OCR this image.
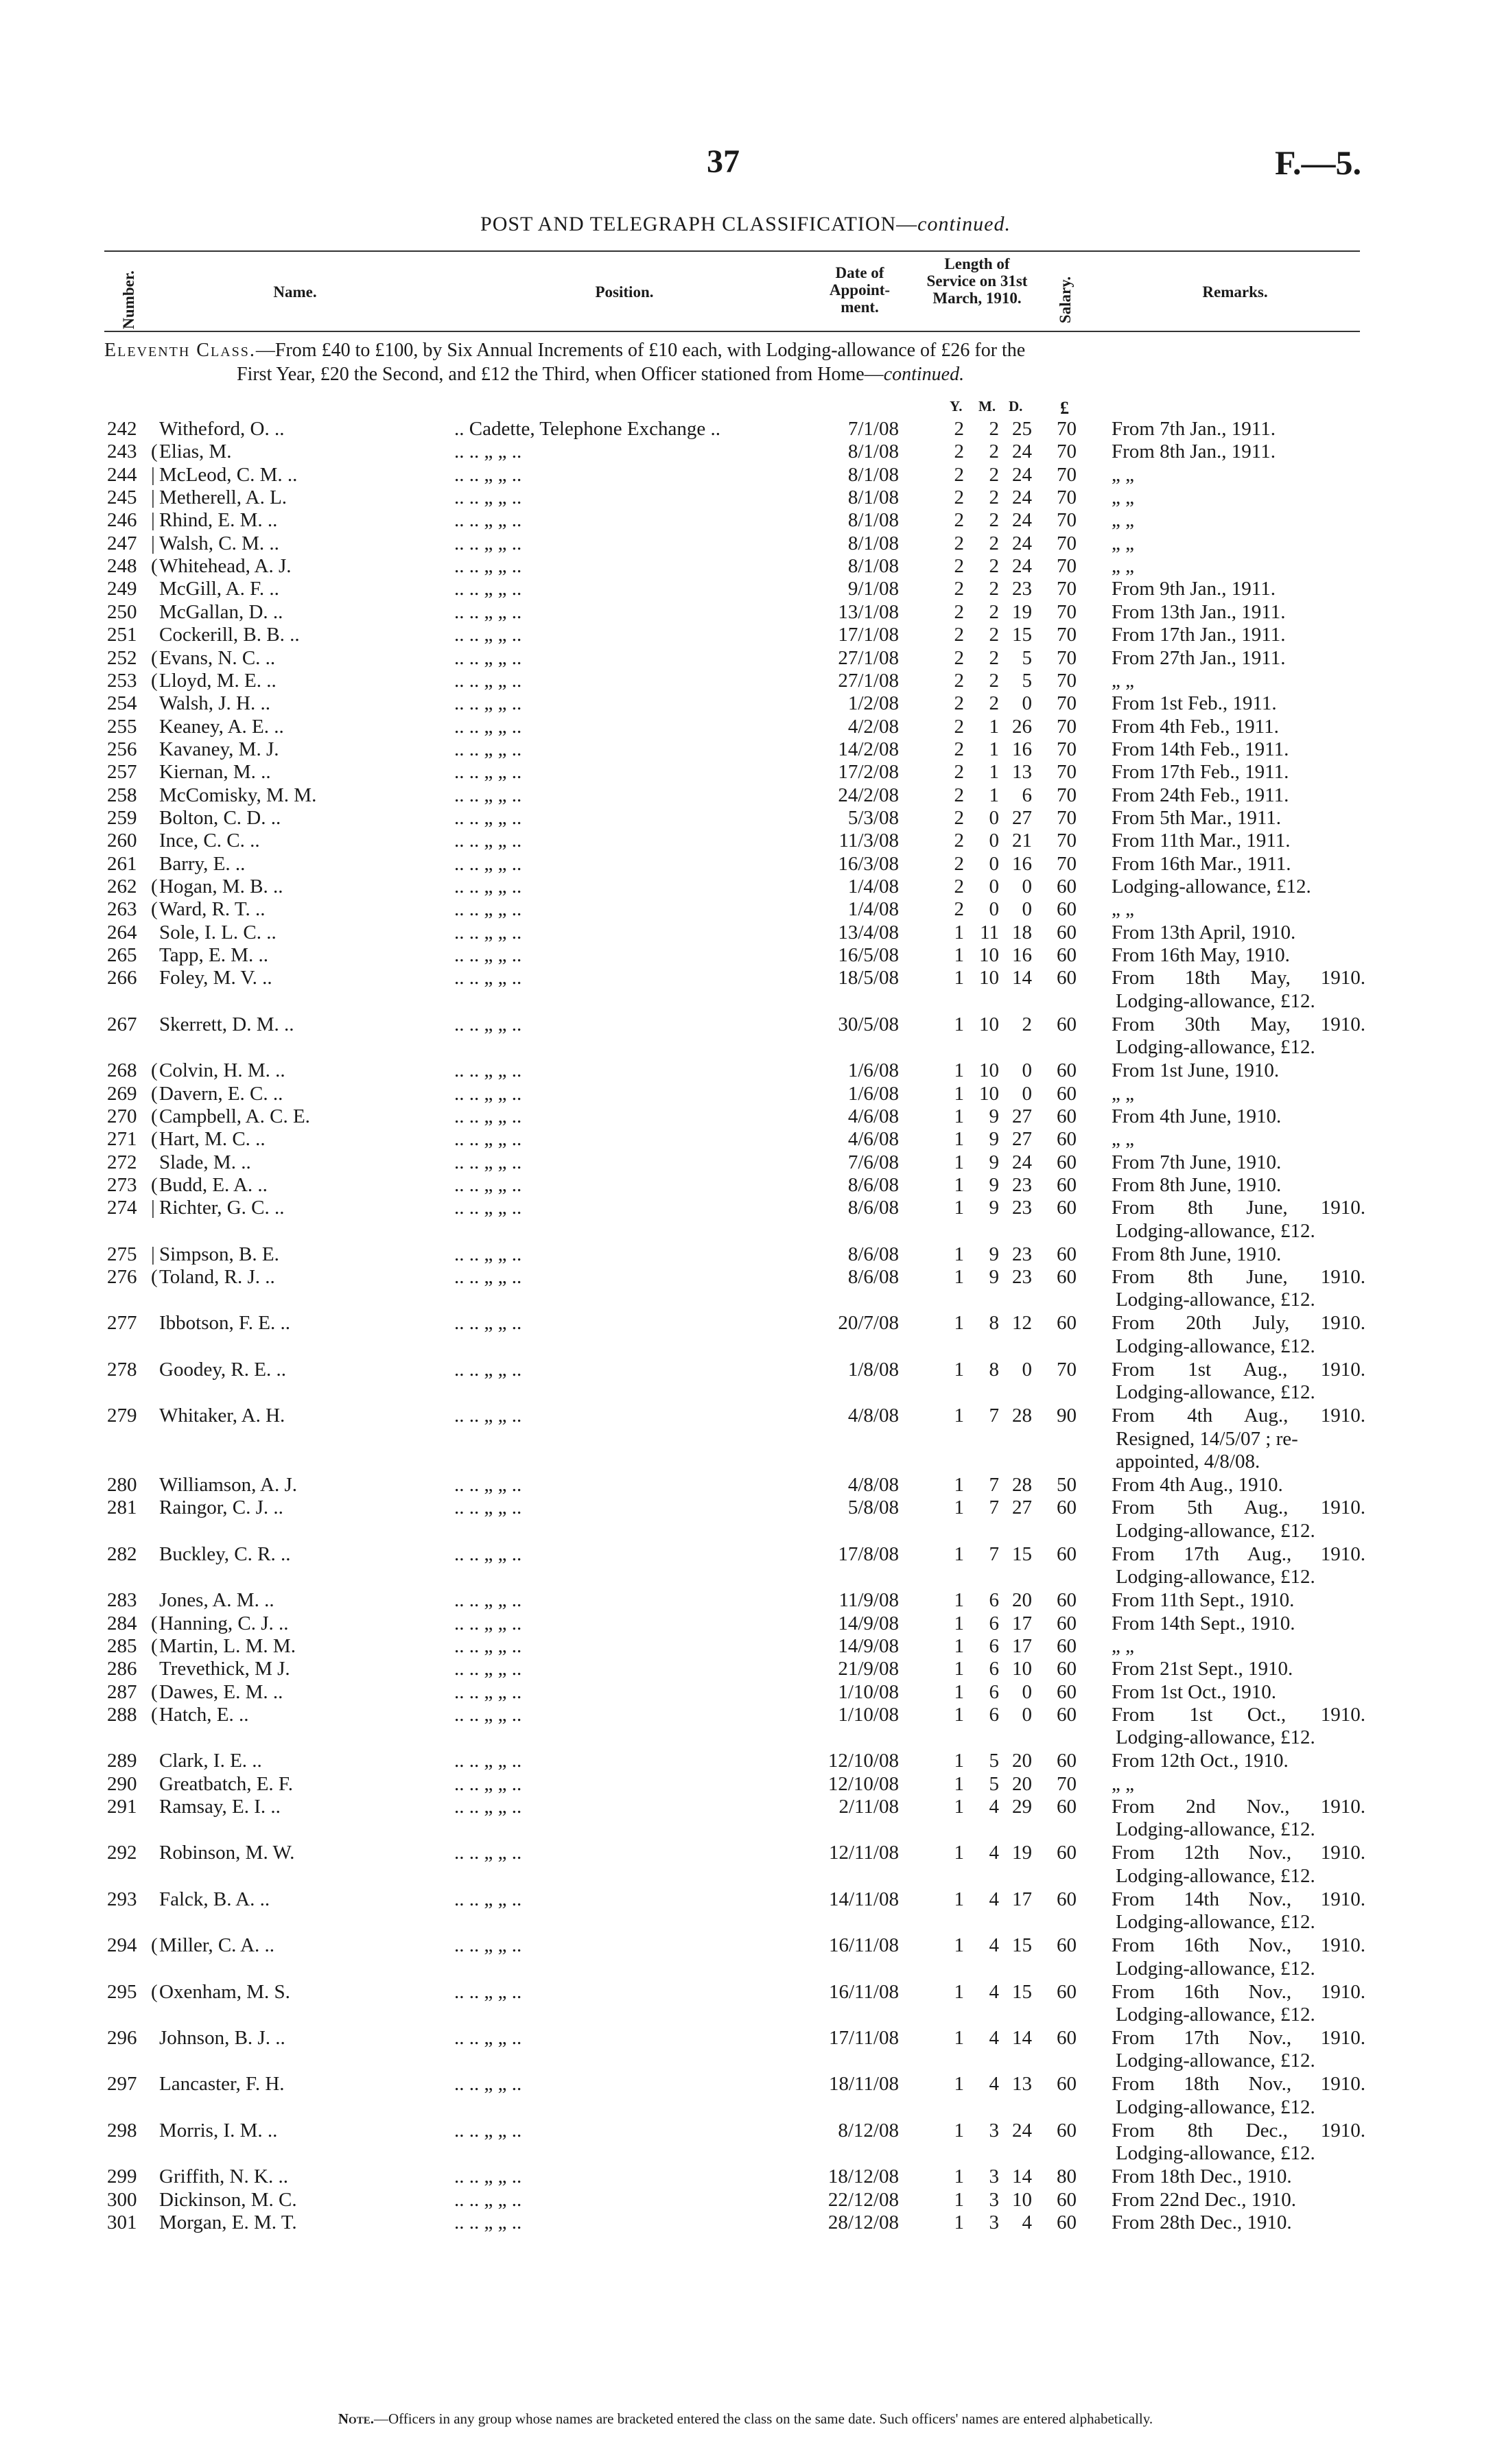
37	F.—5.
POST AND TELEGRAPH CLASSIFICATION—continued.
Number.	Name.	Position.
Date of Appoint-ment.
Length of Service on 31st March, 1910.	Salary.	Remarks.
Eleventh Class.—From £40 to £100, by Six Annual Increments of £10 each, with Lodging-allowance of £26 for the
First Year, £20 the Second, and £12 the Third, when Officer stationed from Home—continued.
Y. M. D. £
242	Witheford, O. ..	.. Cadette, Telephone Exchange ..	7/1/08	2	2 25 70	From 7th Jan., 1911.
243 ( Elias, M.	.. .. „ „ ..	8/1/08	2	2 24 70	From 8th Jan., 1911.
244 | McLeod, C. M. ..	.. .. „ „ ..	8/1/08	2	2 24 70	„ „
245 | Metherell, A. L.	.. .. „ „ ..	8/1/08	2	2 24 70	„ „
246 | Rhind, E. M. ..	.. .. „ „ ..	8/1/08	2	2 24 70	„ „
247 | Walsh, C. M. ..	.. .. „ „ ..	8/1/08	2	2 24 70	„ „
248 ( Whitehead, A. J.	.. .. „ „ ..	8/1/08	2	2 24 70	„ „
249	McGill, A. F. ..	.. .. „ „ ..	9/1/08	2	2 23 70	From 9th Jan., 1911.
250	McGallan, D. ..	.. .. „ „ ..	13/1/08	2	2 19 70	From 13th Jan., 1911.
251	Cockerill, B. B. ..	.. .. „ „ ..	17/1/08	2	2 15 70	From 17th Jan., 1911.
252 ( Evans, N. C. ..	.. .. „ „ ..	27/1/08	2	2	5 70	From 27th Jan., 1911.
253 ( Lloyd, M. E. ..	.. .. „ „ ..	27/1/08	2	2	5 70	„ „
254	Walsh, J. H. ..	.. .. „ „ ..	1/2/08	2	2	0 70	From 1st Feb., 1911.
255	Keaney, A. E. ..	.. .. „ „ ..	4/2/08	2	1 26 70	From 4th Feb., 1911.
256	Kavaney, M. J.	.. .. „ „ ..	14/2/08	2	1 16 70	From 14th Feb., 1911.
257	Kiernan, M. ..	.. .. „ „ ..	17/2/08	2	1 13 70	From 17th Feb., 1911.
258	McComisky, M. M.	.. .. „ „ ..	24/2/08	2	1	6 70	From 24th Feb., 1911.
259	Bolton, C. D. ..	.. .. „ „ ..	5/3/08	2	0 27 70	From 5th Mar., 1911.
260	Ince, C. C. ..	.. .. „ „ ..	11/3/08	2	0 21 70	From 11th Mar., 1911.
261	Barry, E. ..	.. .. „ „ ..	16/3/08	2	0 16 70	From 16th Mar., 1911.
262 ( Hogan, M. B. ..	.. .. „ „ ..	1/4/08	2	0	0 60	Lodging-allowance, £12.
263 ( Ward, R. T. ..	.. .. „ „ ..	1/4/08	2	0	0 60	„ „
264	Sole, I. L. C. ..	.. .. „ „ ..	13/4/08	1 11 18 60	From 13th April, 1910.
265	Tapp, E. M. ..	.. .. „ „ ..	16/5/08	1 10 16 60	From 16th May, 1910.
266	Foley, M. V. ..	.. .. „ „ ..	18/5/08	1 10 14 60	From 18th May, 1910.
Lodging-allowance, £12.
267	Skerrett, D. M. ..	.. .. „ „ ..	30/5/08	1 10	2 60	From 30th May, 1910.
Lodging-allowance, £12.
268 ( Colvin, H. M. ..	.. .. „ „ ..	1/6/08	1 10	0 60	From 1st June, 1910.
269 ( Davern, E. C. ..	.. .. „ „ ..	1/6/08	1 10	0 60	„ „
270 ( Campbell, A. C. E.	.. .. „ „ ..	4/6/08	1	9 27 60	From 4th June, 1910.
271 ( Hart, M. C. ..	.. .. „ „ ..	4/6/08	1	9 27 60	„ „
272	Slade, M. ..	.. .. „ „ ..	7/6/08	1	9 24 60	From 7th June, 1910.
273 ( Budd, E. A. ..	.. .. „ „ ..	8/6/08	1	9 23 60	From 8th June, 1910.
274 | Richter, G. C. ..	.. .. „ „ ..	8/6/08	1	9 23 60	From 8th June, 1910.
Lodging-allowance, £12.
275 | Simpson, B. E.	.. .. „ „ ..	8/6/08	1	9 23 60	From 8th June, 1910.
276 ( Toland, R. J. ..	.. .. „ „ ..	8/6/08	1	9 23 60	From 8th June, 1910.
Lodging-allowance, £12.
277	Ibbotson, F. E. ..	.. .. „ „ ..	20/7/08	1	8 12 60	From 20th July, 1910.
Lodging-allowance, £12.
278	Goodey, R. E. ..	.. .. „ „ ..	1/8/08	1	8	0 70	From 1st Aug., 1910.
Lodging-allowance, £12.
279	Whitaker, A. H.	.. .. „ „ ..	4/8/08	1	7 28 90	From 4th Aug., 1910.
Resigned, 14/5/07 ; re-
appointed, 4/8/08.
280	Williamson, A. J.	.. .. „ „ ..	4/8/08	1	7 28 50	From 4th Aug., 1910.
281	Raingor, C. J. ..	.. .. „ „ ..	5/8/08	1	7 27 60	From 5th Aug., 1910.
Lodging-allowance, £12.
282	Buckley, C. R. ..	.. .. „ „ ..	17/8/08	1	7 15 60	From 17th Aug., 1910.
Lodging-allowance, £12.
283	Jones, A. M. ..	.. .. „ „ ..	11/9/08	1	6 20 60	From 11th Sept., 1910.
284 ( Hanning, C. J. ..	.. .. „ „ ..	14/9/08	1	6 17 60	From 14th Sept., 1910.
285 ( Martin, L. M. M.	.. .. „ „ ..	14/9/08	1	6 17 60	„ „
286	Trevethick, M J.	.. .. „ „ ..	21/9/08	1	6 10 60	From 21st Sept., 1910.
287 ( Dawes, E. M. ..	.. .. „ „ ..	1/10/08	1	6	0 60	From 1st Oct., 1910.
288 ( Hatch, E. ..	.. .. „ „ ..	1/10/08	1	6	0 60	From 1st Oct., 1910.
Lodging-allowance, £12.
289	Clark, I. E. ..	.. .. „ „ ..	12/10/08	1	5 20 60	From 12th Oct., 1910.
290	Greatbatch, E. F.	.. .. „ „ ..	12/10/08	1	5 20 70	„ „
291	Ramsay, E. I. ..	.. .. „ „ ..	2/11/08	1	4 29 60	From 2nd Nov., 1910.
Lodging-allowance, £12.
292	Robinson, M. W.	.. .. „ „ ..	12/11/08	1	4 19 60	From 12th Nov., 1910.
Lodging-allowance, £12.
293	Falck, B. A. ..	.. .. „ „ ..	14/11/08	1	4 17 60	From 14th Nov., 1910.
Lodging-allowance, £12.
294 ( Miller, C. A. ..	.. .. „ „ ..	16/11/08	1	4 15 60	From 16th Nov., 1910.
Lodging-allowance, £12.
295 ( Oxenham, M. S.	.. .. „ „ ..	16/11/08	1	4 15 60	From 16th Nov., 1910.
Lodging-allowance, £12.
296	Johnson, B. J. ..	.. .. „ „ ..	17/11/08	1	4 14 60	From 17th Nov., 1910.
Lodging-allowance, £12.
297	Lancaster, F. H.	.. .. „ „ ..	18/11/08	1	4 13 60	From 18th Nov., 1910.
Lodging-allowance, £12.
298	Morris, I. M. ..	.. .. „ „ ..	8/12/08	1	3 24 60	From 8th Dec., 1910.
Lodging-allowance, £12.
299	Griffith, N. K. ..	.. .. „ „ ..	18/12/08	1	3 14 80	From 18th Dec., 1910.
300	Dickinson, M. C.	.. .. „ „ ..	22/12/08	1	3 10 60	From 22nd Dec., 1910.
301	Morgan, E. M. T.	.. .. „ „ ..	28/12/08	1	3	4 60	From 28th Dec., 1910.
Note.—Officers in any group whose names are bracketed entered the class on the same date. Such officers' names are entered alphabetically.
